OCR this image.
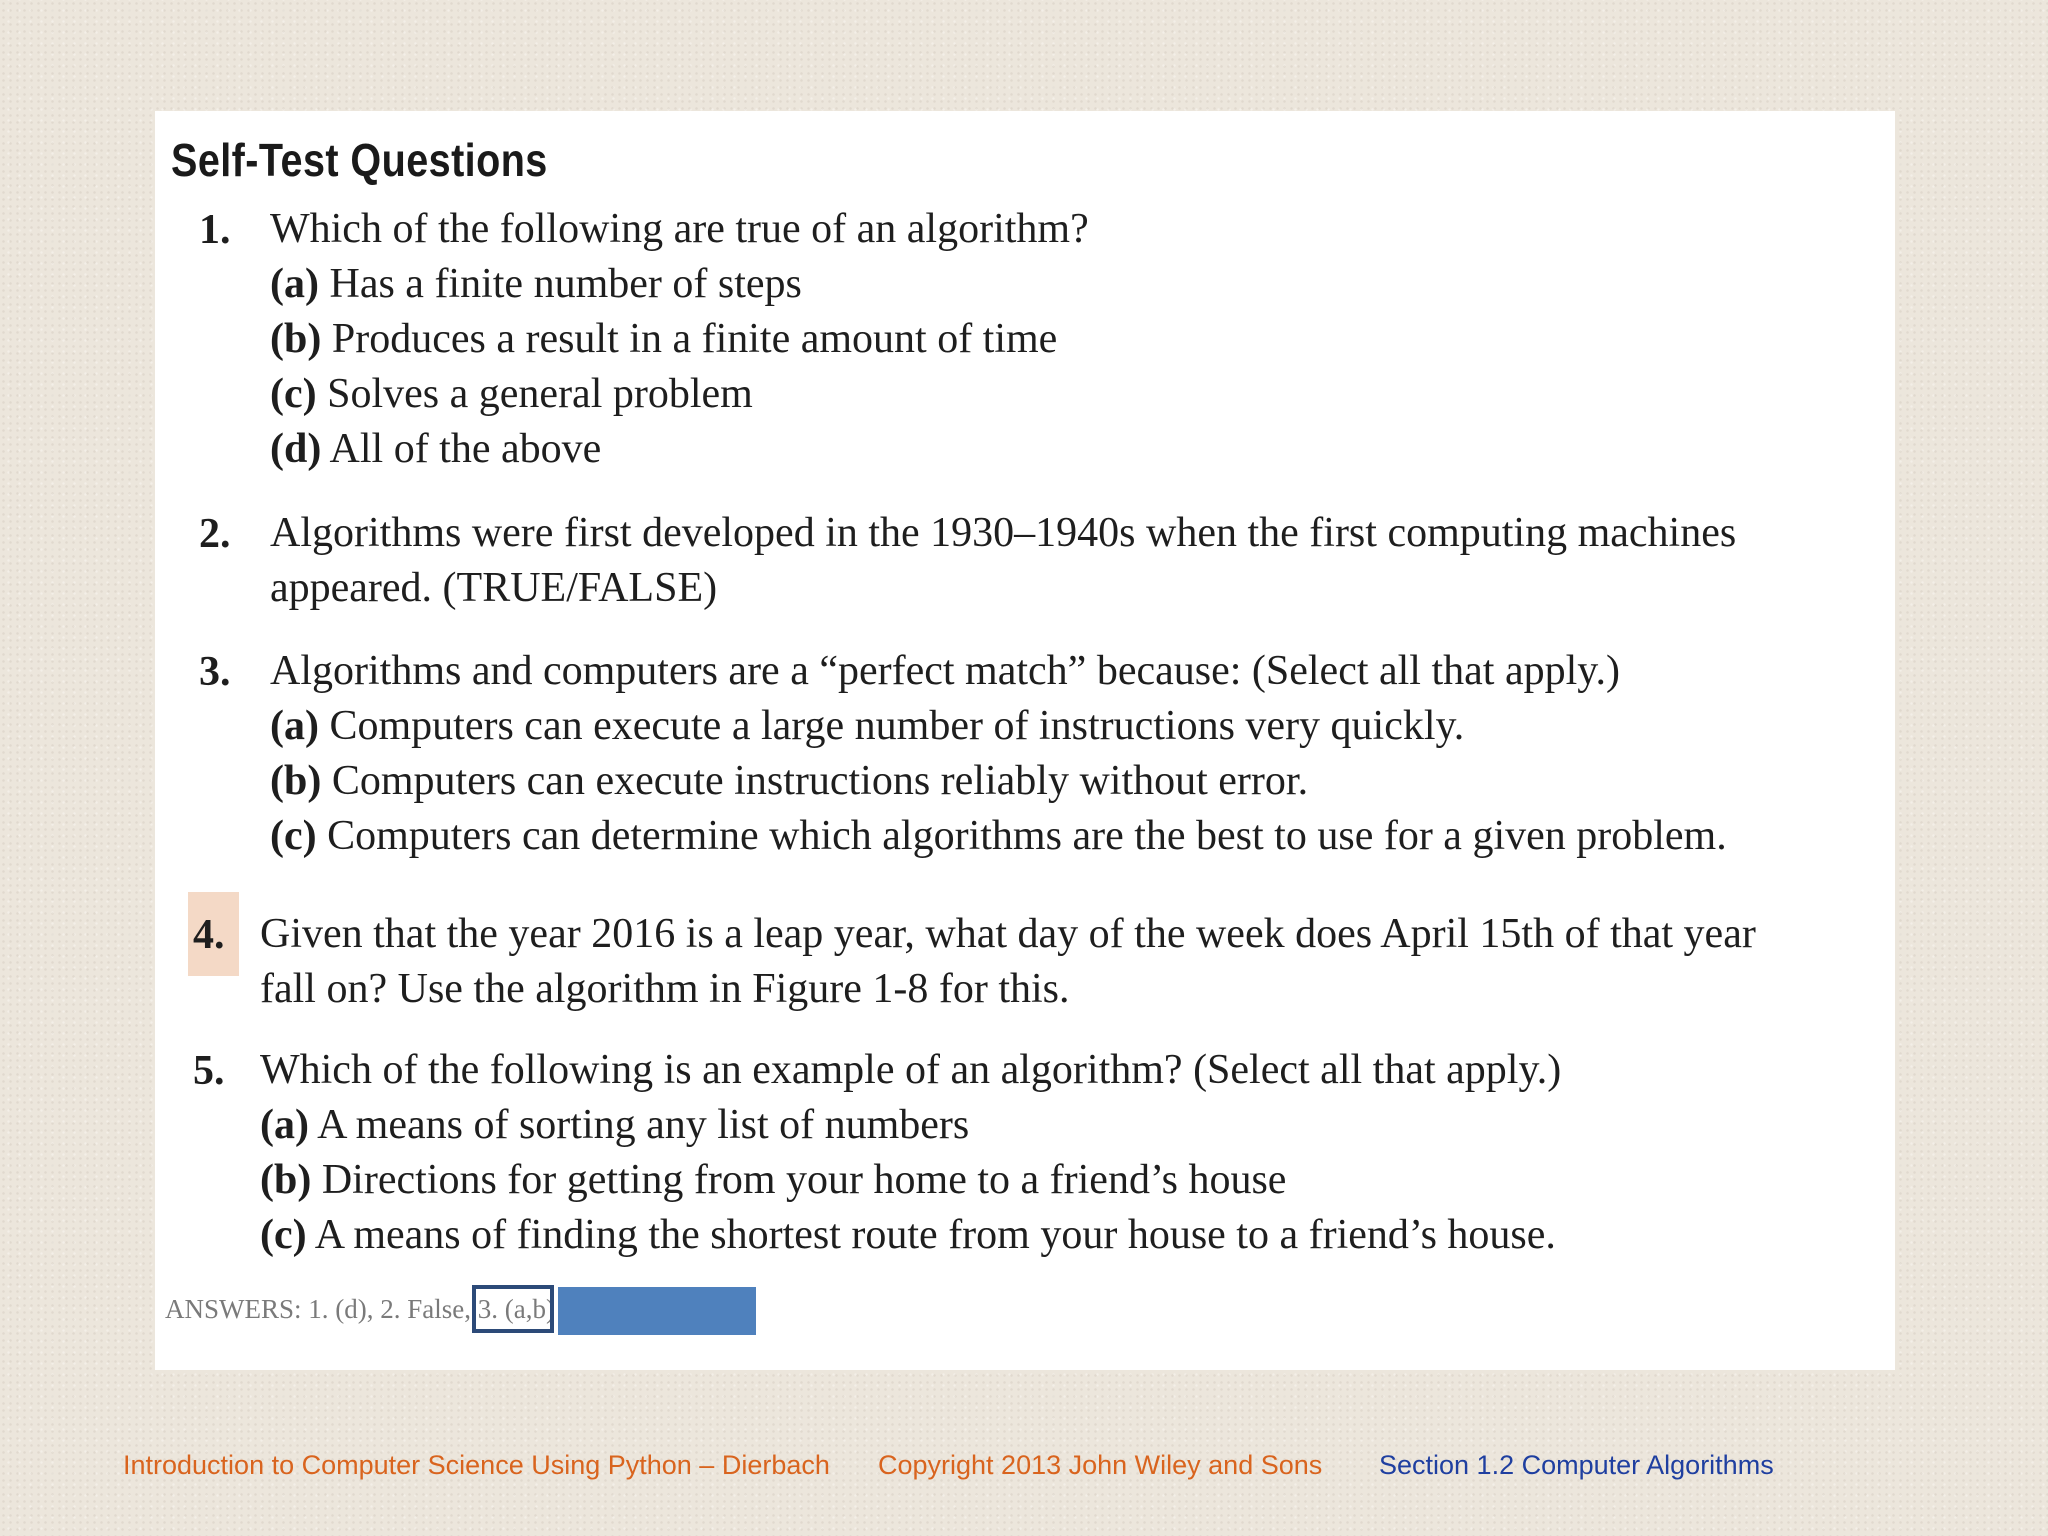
Self-Test Questions
1. Which of the following are true of an algorithm?
(a) Has a finite number of steps
(b) Produces a result in a finite amount of time
(c) Solves a general problem
(d) All of the above
2. Algorithms were first developed in the 1930–1940s when the first computing machines
appeared. (TRUE/FALSE)
3. Algorithms and computers are a “perfect match” because: (Select all that apply.)
(a) Computers can execute a large number of instructions very quickly.
(b) Computers can execute instructions reliably without error.
(c) Computers can determine which algorithms are the best to use for a given problem.
4. Given that the year 2016 is a leap year, what day of the week does April 15th of that year
fall on? Use the algorithm in Figure 1-8 for this.
5. Which of the following is an example of an algorithm? (Select all that apply.)
(a) A means of sorting any list of numbers
(b) Directions for getting from your home to a friend’s house
(c) A means of finding the shortest route from your house to a friend’s house.
ANSWERS: 1. (d), 2. False, 3. (a,b)
Introduction to Computer Science Using Python – Dierbach Copyright 2013 John Wiley and Sons Section 1.2 Computer Algorithms
